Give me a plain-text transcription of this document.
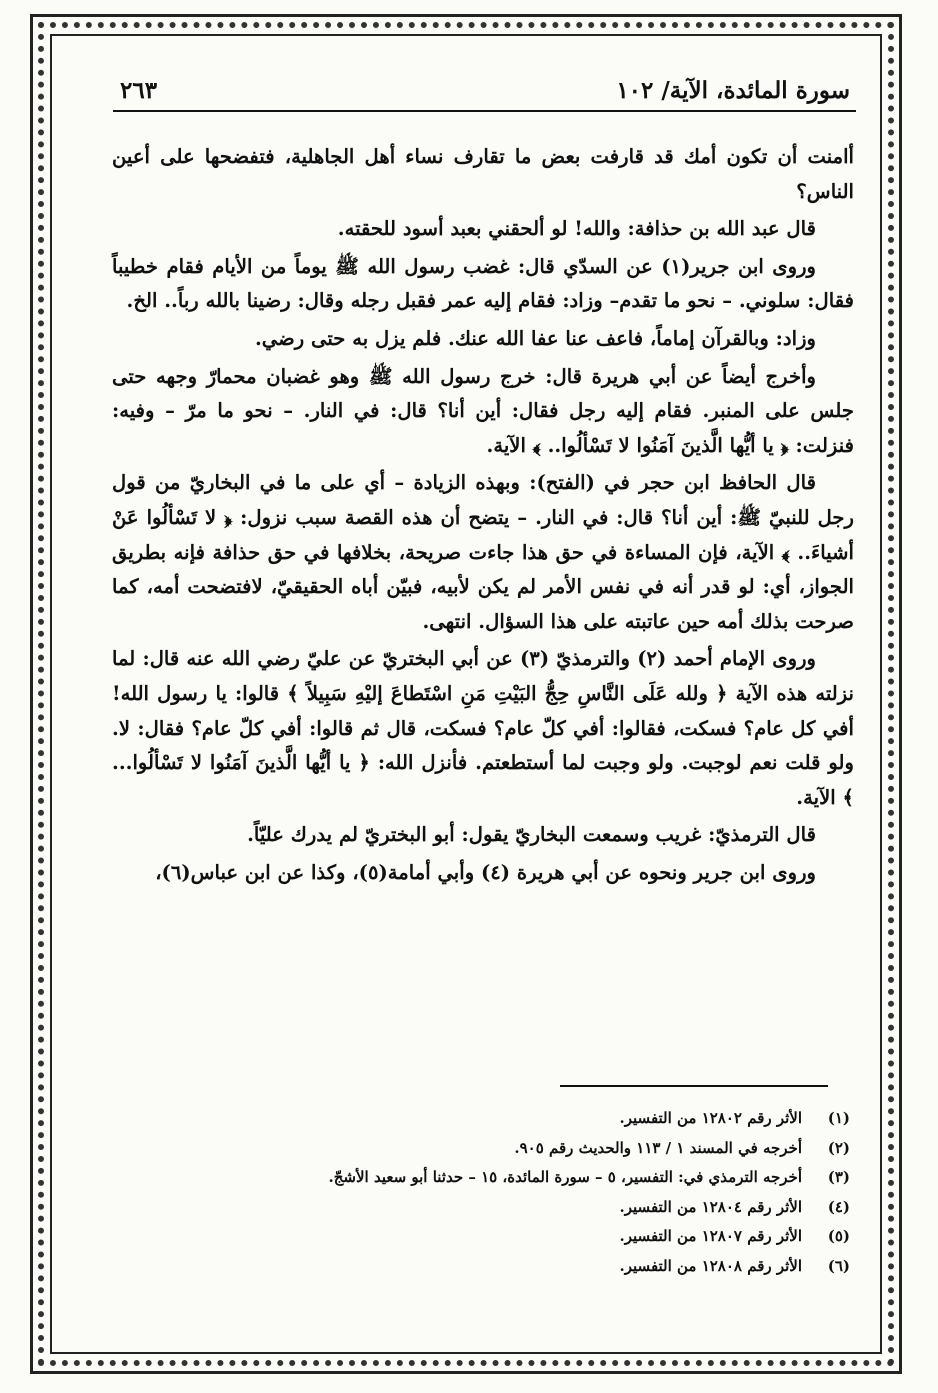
سورة المائدة، الآية/ ١٠٢
٢٦٣

أامنت أن تكون أمك قد قارفت بعض ما تقارف نساء أهل الجاهلية، فتفضحها على أعين الناس؟

قال عبد الله بن حذافة: والله! لو ألحقني بعبد أسود للحقته.

وروى ابن جرير(١) عن السدّي قال: غضب رسول الله ﷺ يوماً من الأيام فقام خطيباً فقال: سلوني. – نحو ما تقدم– وزاد: فقام إليه عمر فقبل رجله وقال: رضينا بالله رباً.. الخ.

وزاد: وبالقرآن إماماً، فاعف عنا عفا الله عنك. فلم يزل به حتى رضي.

وأخرج أيضاً عن أبي هريرة قال: خرج رسول الله ﷺ وهو غضبان محمارّ وجهه حتى جلس على المنبر. فقام إليه رجل فقال: أين أنا؟ قال: في النار. – نحو ما مرّ – وفيه: فنزلت: ﴿ يا أيُّها الَّذينَ آمَنُوا لا تَسْألُوا.. ﴾ الآية.

قال الحافظ ابن حجر في (الفتح): وبهذه الزيادة – أي على ما في البخاريّ من قول رجل للنبيّ ﷺ: أين أنا؟ قال: في النار. – يتضح أن هذه القصة سبب نزول: ﴿ لا تَسْألُوا عَنْ أشياءَ.. ﴾ الآية، فإن المساءة في حق هذا جاءت صريحة، بخلافها في حق حذافة فإنه بطريق الجواز، أي: لو قدر أنه في نفس الأمر لم يكن لأبيه، فبيّن أباه الحقيقيّ، لافتضحت أمه، كما صرحت بذلك أمه حين عاتبته على هذا السؤال. انتهى.

وروى الإمام أحمد (٢) والترمذيّ (٣) عن أبي البختريّ عن عليّ رضي الله عنه قال: لما نزلته هذه الآية ﴿ ولله عَلَى النَّاسِ حِجُّ البَيْتِ مَنِ اسْتَطاعَ إليْهِ سَبِيلاً ﴾ قالوا: يا رسول الله! أفي كل عام؟ فسكت، فقالوا: أفي كلّ عام؟ فسكت، قال ثم قالوا: أفي كلّ عام؟ فقال: لا. ولو قلت نعم لوجبت. ولو وجبت لما أستطعتم. فأنزل الله: ﴿ يا أيُّها الَّذينَ آمَنُوا لا تَسْألُوا... ﴾ الآية.

قال الترمذيّ: غريب وسمعت البخاريّ يقول: أبو البختريّ لم يدرك عليّاً.

وروى ابن جرير ونحوه عن أبي هريرة (٤) وأبي أمامة(٥)، وكذا عن ابن عباس(٦)،

(١)الأثر رقم ١٢٨٠٢ من التفسير.
(٢)أخرجه في المسند ١ / ١١٣ والحديث رقم ٩٠٥.
(٣)أخرجه الترمذي في: التفسير، ٥ – سورة المائدة، ١٥ – حدثنا أبو سعيد الأشجّ.
(٤)الأثر رقم ١٢٨٠٤ من التفسير.
(٥)الأثر رقم ١٢٨٠٧ من التفسير.
(٦)الأثر رقم ١٢٨٠٨ من التفسير.
